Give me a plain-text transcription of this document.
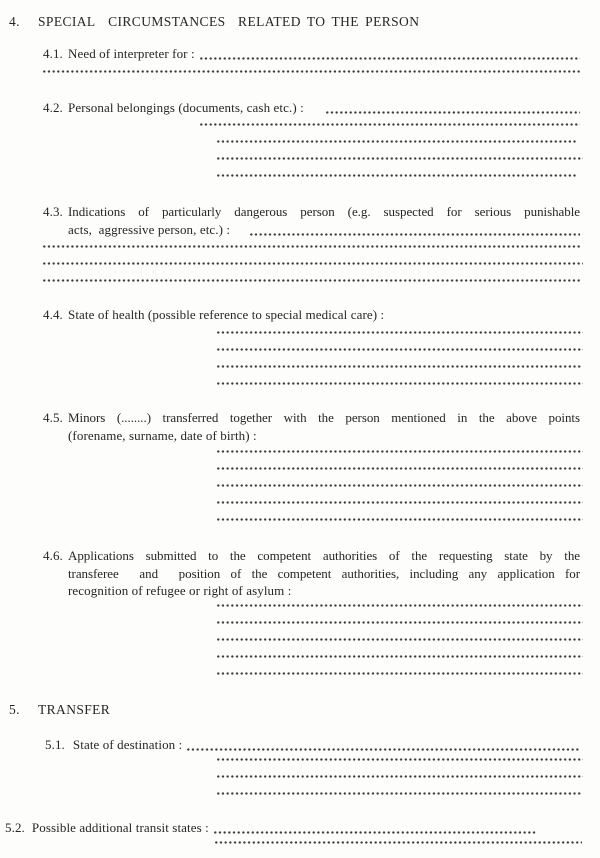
4. SPECIAL  CIRCUMSTANCES  RELATED TO THE PERSON
4.1. Need of interpreter for :
4.2. Personal belongings (documents, cash etc.) :
4.3. Indications of particularly dangerous person (e.g. suspected for serious punishable
acts,  aggressive person, etc.) :
4.4. State of health (possible reference to special medical care) :
4.5. Minors (........) transferred together with the person mentioned in the above points
(forename, surname, date of birth) :
4.6. Applications submitted to the competent authorities of the requesting state by the
transferee  and  position of the competent authorities, including any application for
recognition of refugee or right of asylum :
5. TRANSFER
5.1. State of destination :
5.2. Possible additional transit states :
